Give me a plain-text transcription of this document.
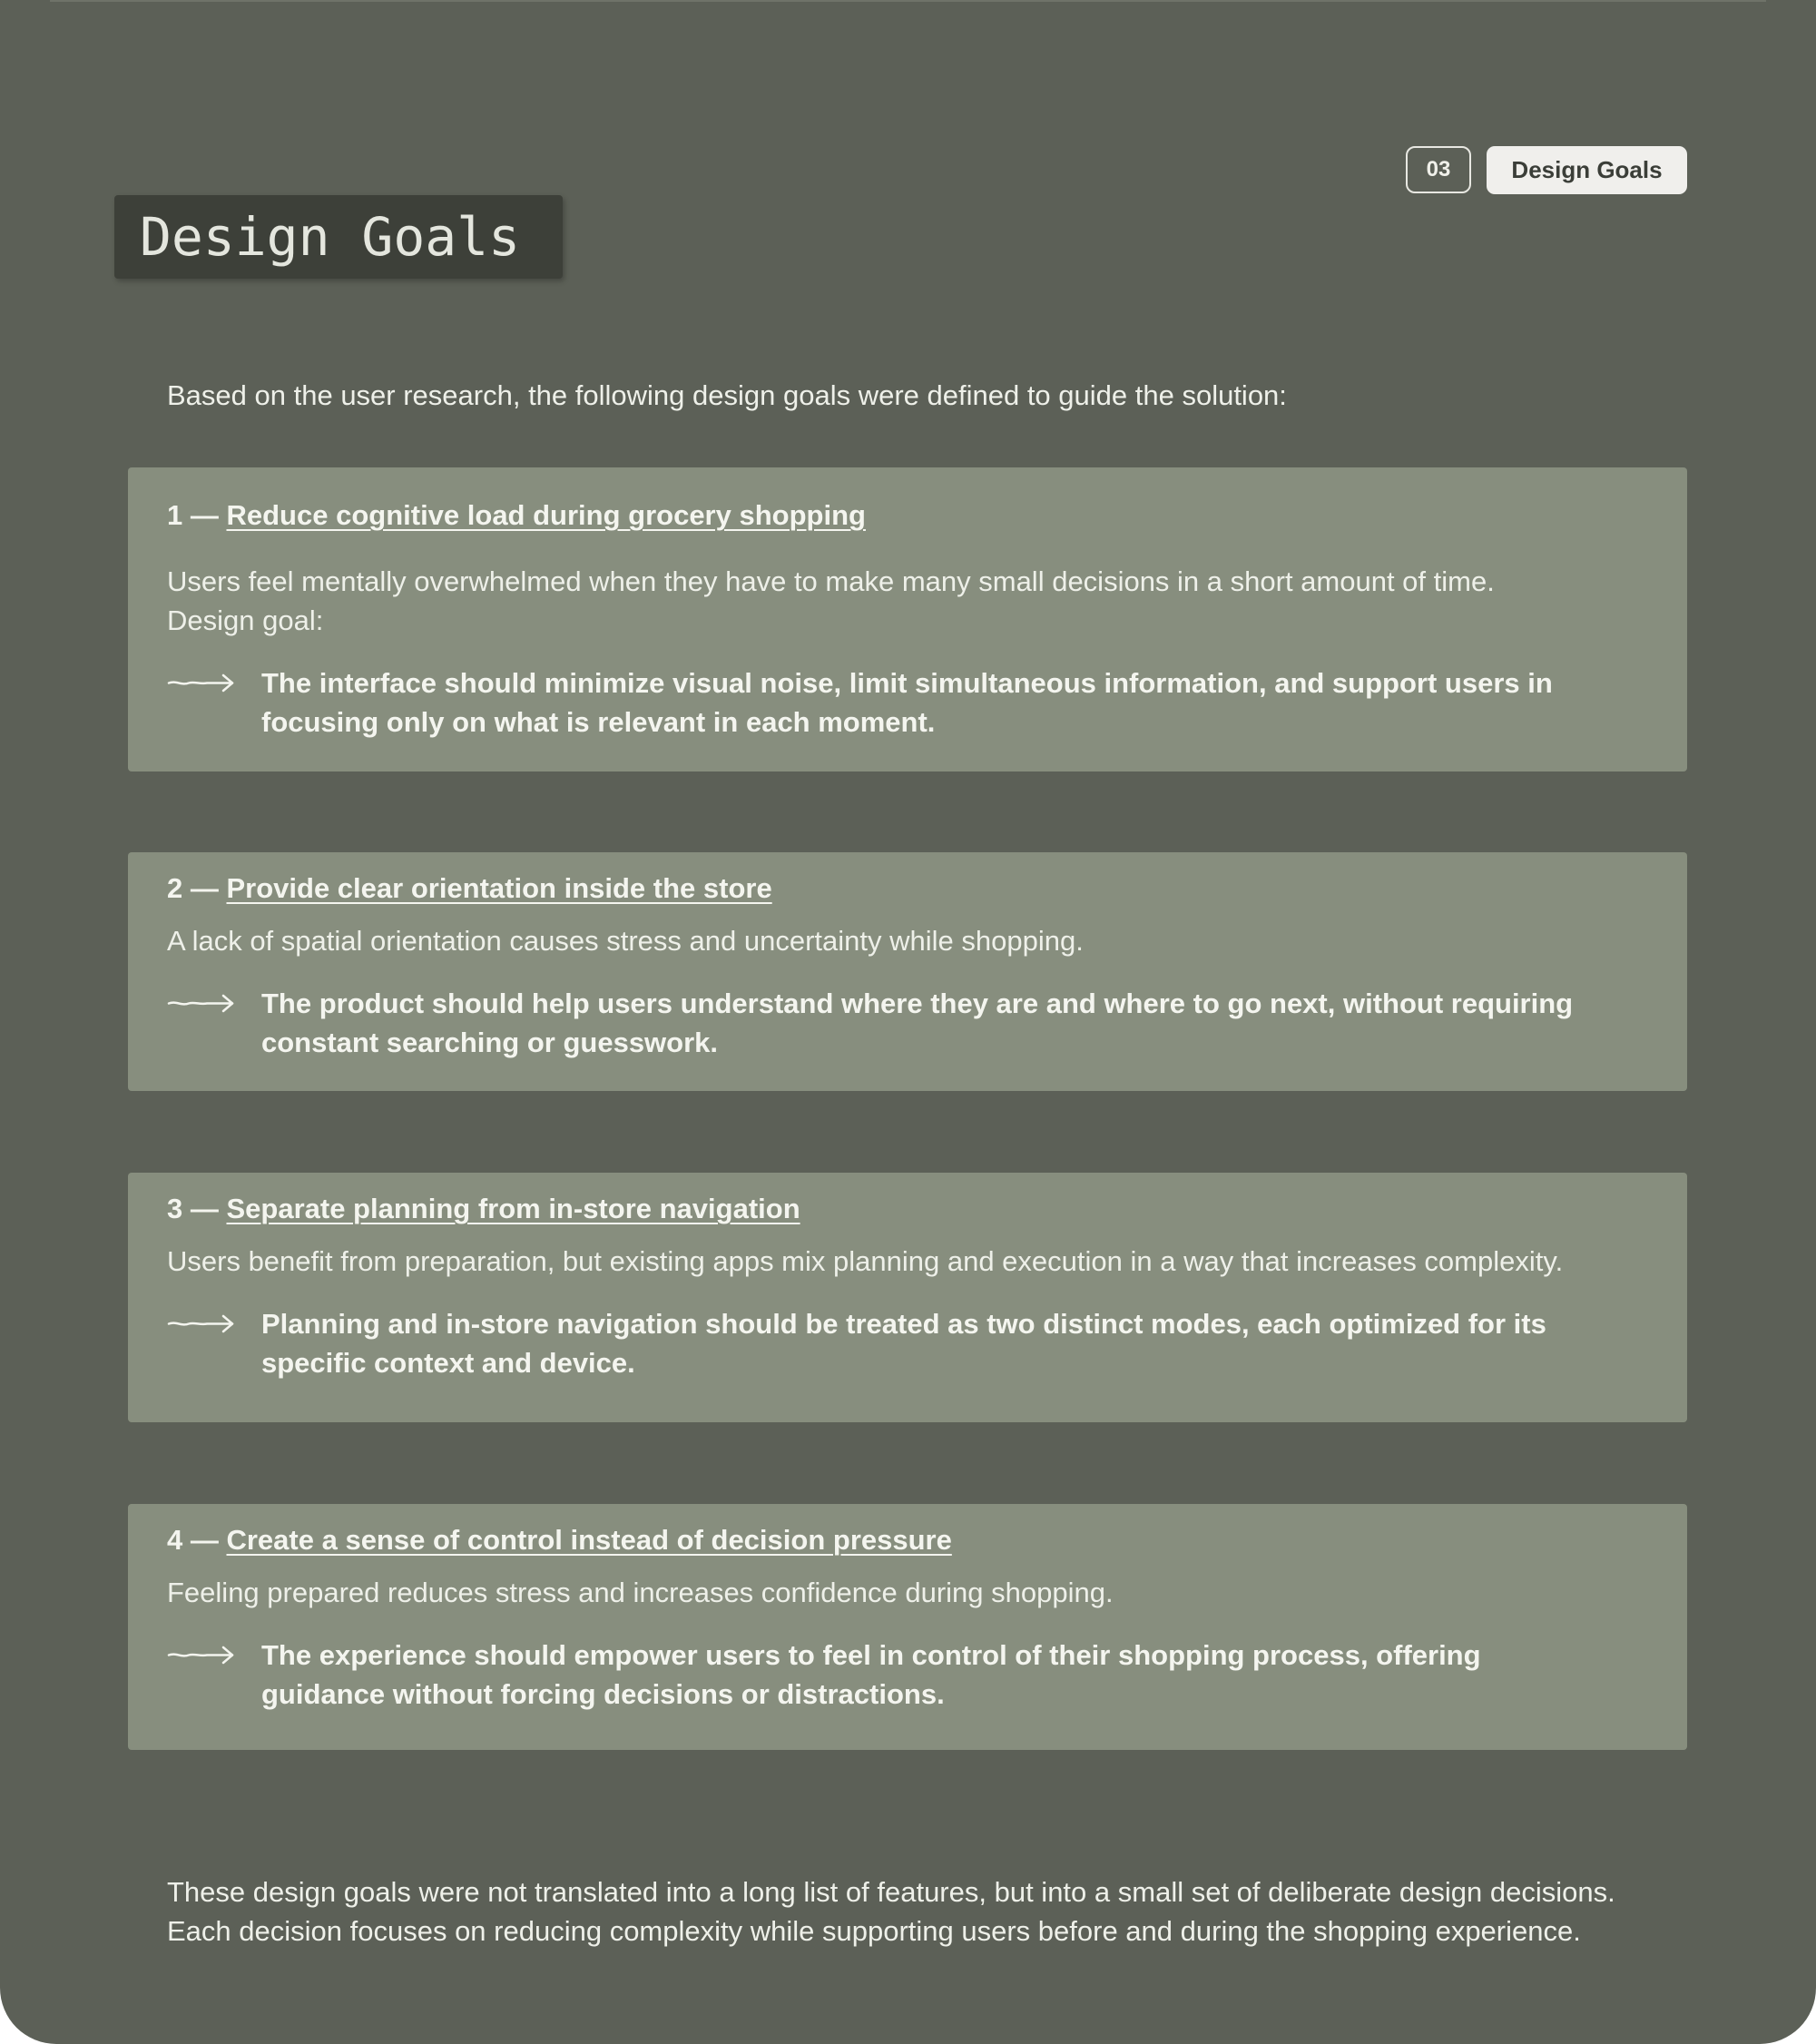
03	Design Goals
Design Goals
Based on the user research, the following design goals were defined to guide the solution:
1 — Reduce cognitive load during grocery shopping
Users feel mentally overwhelmed when they have to make many small decisions in a short amount of time.
Design goal:
The interface should minimize visual noise, limit simultaneous information, and support users in focusing only on what is relevant in each moment.
2 — Provide clear orientation inside the store
A lack of spatial orientation causes stress and uncertainty while shopping.
The product should help users understand where they are and where to go next, without requiring constant searching or guesswork.
3 — Separate planning from in-store navigation
Users benefit from preparation, but existing apps mix planning and execution in a way that increases complexity.
Planning and in-store navigation should be treated as two distinct modes, each optimized for its specific context and device.
4 — Create a sense of control instead of decision pressure
Feeling prepared reduces stress and increases confidence during shopping.
The experience should empower users to feel in control of their shopping process, offering guidance without forcing decisions or distractions.
These design goals were not translated into a long list of features, but into a small set of deliberate design decisions.
Each decision focuses on reducing complexity while supporting users before and during the shopping experience.
